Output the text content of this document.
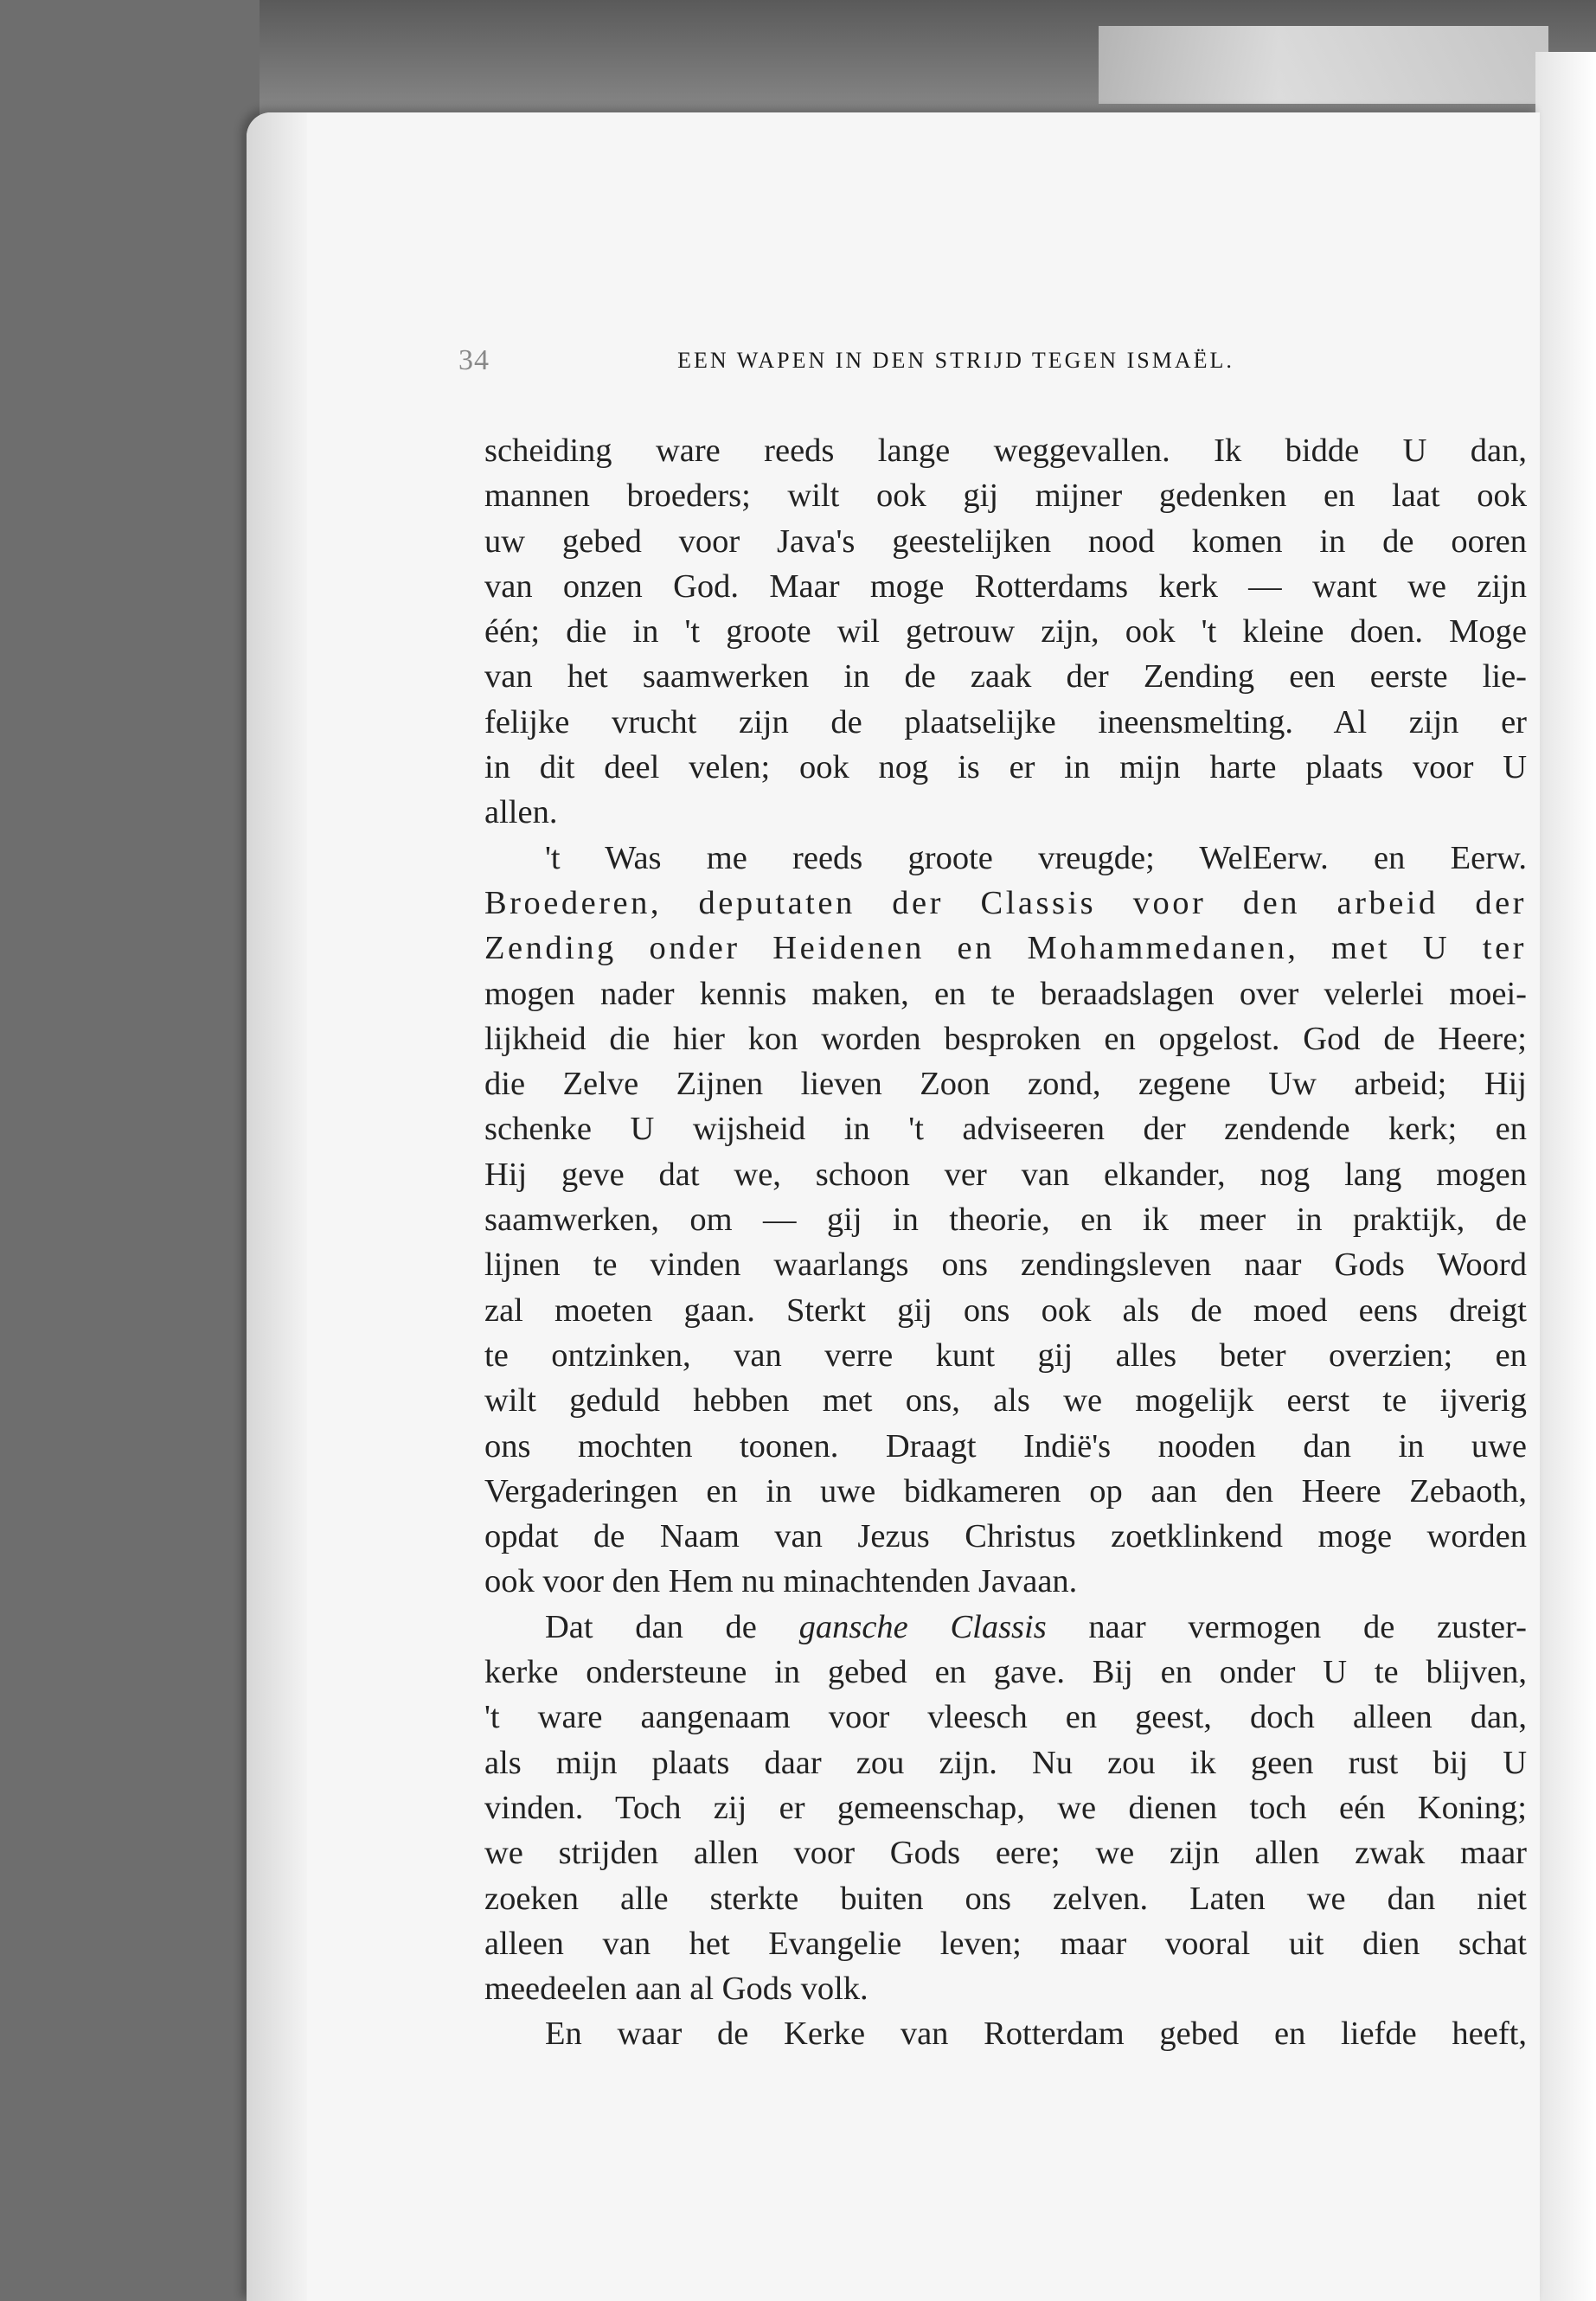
34	EEN WAPEN IN DEN STRIJD TEGEN ISMAËL.
scheiding ware reeds lange weggevallen. Ik bidde U dan,
mannen broeders; wilt ook gij mijner gedenken en laat ook
uw gebed voor Java's geestelijken nood komen in de ooren
van onzen God. Maar moge Rotterdams kerk — want we zijn
één; die in 't groote wil getrouw zijn, ook 't kleine doen. Moge
van het saamwerken in de zaak der Zending een eerste lie-
felijke vrucht zijn de plaatselijke ineensmelting. Al zijn er
in dit deel velen; ook nog is er in mijn harte plaats voor U
allen.
't Was me reeds groote vreugde; WelEerw. en Eerw.
Broederen, deputaten der Classis voor den arbeid der
Zending onder Heidenen en Mohammedanen, met U ter
mogen nader kennis maken, en te beraadslagen over velerlei moei-
lijkheid die hier kon worden besproken en opgelost. God de Heere;
die Zelve Zijnen lieven Zoon zond, zegene Uw arbeid; Hij
schenke U wijsheid in 't adviseeren der zendende kerk; en
Hij geve dat we, schoon ver van elkander, nog lang mogen
saamwerken, om — gij in theorie, en ik meer in praktijk, de
lijnen te vinden waarlangs ons zendingsleven naar Gods Woord
zal moeten gaan. Sterkt gij ons ook als de moed eens dreigt
te ontzinken, van verre kunt gij alles beter overzien; en
wilt geduld hebben met ons, als we mogelijk eerst te ijverig
ons mochten toonen. Draagt Indië's nooden dan in uwe
Vergaderingen en in uwe bidkameren op aan den Heere Zebaoth,
opdat de Naam van Jezus Christus zoetklinkend moge worden
ook voor den Hem nu minachtenden Javaan.
Dat dan de gansche Classis naar vermogen de zuster-
kerke ondersteune in gebed en gave. Bij en onder U te blijven,
't ware aangenaam voor vleesch en geest, doch alleen dan,
als mijn plaats daar zou zijn. Nu zou ik geen rust bij U
vinden. Toch zij er gemeenschap, we dienen toch eén Koning;
we strijden allen voor Gods eere; we zijn allen zwak maar
zoeken alle sterkte buiten ons zelven. Laten we dan niet
alleen van het Evangelie leven; maar vooral uit dien schat
meedeelen aan al Gods volk.
En waar de Kerke van Rotterdam gebed en liefde heeft,
